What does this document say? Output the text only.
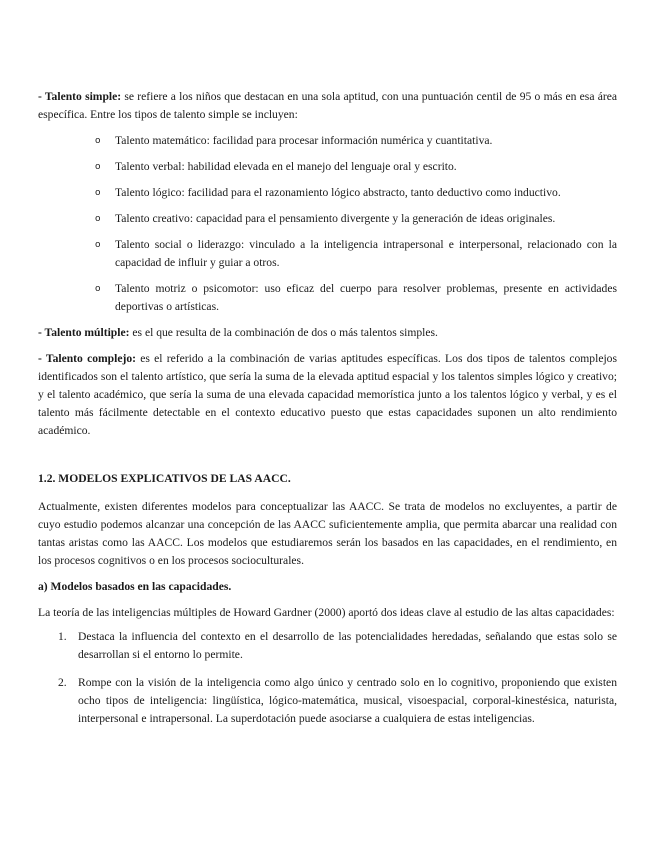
- Talento simple: se refiere a los niños que destacan en una sola aptitud, con una puntuación centil de 95 o más en esa área específica. Entre los tipos de talento simple se incluyen:

o Talento matemático: facilidad para procesar información numérica y cuantitativa.
o Talento verbal: habilidad elevada en el manejo del lenguaje oral y escrito.
o Talento lógico: facilidad para el razonamiento lógico abstracto, tanto deductivo como inductivo.
o Talento creativo: capacidad para el pensamiento divergente y la generación de ideas originales.
o Talento social o liderazgo: vinculado a la inteligencia intrapersonal e interpersonal, relacionado con la capacidad de influir y guiar a otros.
o Talento motriz o psicomotor: uso eficaz del cuerpo para resolver problemas, presente en actividades deportivas o artísticas.

- Talento múltiple: es el que resulta de la combinación de dos o más talentos simples.

- Talento complejo: es el referido a la combinación de varias aptitudes específicas. Los dos tipos de talentos complejos identificados son el talento artístico, que sería la suma de la elevada aptitud espacial y los talentos simples lógico y creativo; y el talento académico, que sería la suma de una elevada capacidad memorística junto a los talentos lógico y verbal, y es el talento más fácilmente detectable en el contexto educativo puesto que estas capacidades suponen un alto rendimiento académico.

1.2. MODELOS EXPLICATIVOS DE LAS AACC.

Actualmente, existen diferentes modelos para conceptualizar las AACC. Se trata de modelos no excluyentes, a partir de cuyo estudio podemos alcanzar una concepción de las AACC suficientemente amplia, que permita abarcar una realidad con tantas aristas como las AACC. Los modelos que estudiaremos serán los basados en las capacidades, en el rendimiento, en los procesos cognitivos o en los procesos socioculturales.

a) Modelos basados en las capacidades.

La teoría de las inteligencias múltiples de Howard Gardner (2000) aportó dos ideas clave al estudio de las altas capacidades:

1. Destaca la influencia del contexto en el desarrollo de las potencialidades heredadas, señalando que estas solo se desarrollan si el entorno lo permite.
2. Rompe con la visión de la inteligencia como algo único y centrado solo en lo cognitivo, proponiendo que existen ocho tipos de inteligencia: lingüística, lógico-matemática, musical, visoespacial, corporal-kinestésica, naturista, interpersonal e intrapersonal. La superdotación puede asociarse a cualquiera de estas inteligencias.
